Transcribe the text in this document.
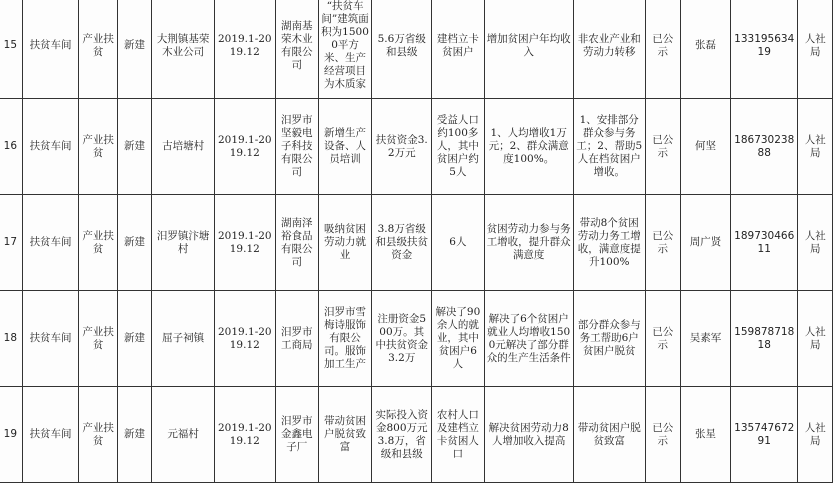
15	扶贫车间	产业扶贫	新建	大荆镇基荣木业公司	2019.1-2019.12	湖南基荣木业有限公司	“扶贫车间”建筑面积为15000平方米、生产经营项目为木质家	5.6万省级和县级	建档立卡贫困户	增加贫困户年均收入	非农业产业和劳动力转移	已公示	张磊	13319563419	人社局
16	扶贫车间	产业扶贫	新建	古培塘村	2019.1-2019.12	汨罗市坚毅电子科技有限公司	新增生产设备、人员培训	扶贫资金3.2万元	受益人口约100多人，其中贫困户约5人	1、人均增收1万元；2、群众满意度100%。	1、安排部分群众参与务工；2、帮助5人在档贫困户增收。	已公示	何坚	18673023888	人社局
17	扶贫车间	产业扶贫	新建	汨罗镇汴塘村	2019.1-2019.12	湖南泽裕食品有限公司	吸纳贫困劳动力就业	3.8万省级和县级扶贫资金	6人	贫困劳动力参与务工增收，提升群众满意度	带动8个贫困劳动力务工增收，满意度提升100%	已公示	周广贤	18973046611	人社局
18	扶贫车间	产业扶贫	新建	屈子祠镇	2019.1-2019.12	汨罗市工商局	汨罗市雪梅诗服饰有限公司。服饰加工生产	注册资金500万。其中扶贫资金3.2万	解决了90余人的就业，其中贫困户6人	解决了6个贫困户就业人均增收1500元解决了部分群众的生产生活条件	部分群众参与务工帮助6户贫困户脱贫	已公示	吴素军	15987871818	人社局
19	扶贫车间	产业扶贫	新建	元福村	2019.1-2019.12	汨罗市金鑫电子厂	带动贫困户脱贫致富	实际投入资金800万元3.8万，省级和县级	农村人口及建档立卡贫困人口	解决贫困劳动力8人增加收入提高	带动贫困户脱贫致富	已公示	张星	13574767291	人社局
